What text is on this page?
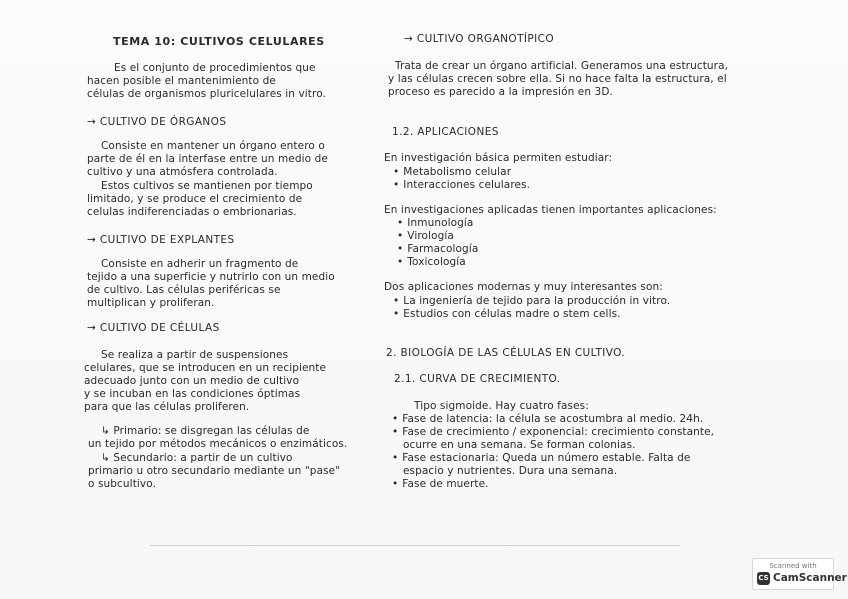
TEMA 10: CULTIVOS CELULARES
Es el conjunto de procedimientos que
hacen posible el mantenimiento de
células de organismos pluricelulares in vitro.
→ CULTIVO DE ÓRGANOS
Consiste en mantener un órgano entero o
parte de él en la interfase entre un medio de
cultivo y una atmósfera controlada.
Estos cultivos se mantienen por tiempo
limitado, y se produce el crecimiento de
celulas indiferenciadas o embrionarias.
→ CULTIVO DE EXPLANTES
Consiste en adherir un fragmento de
tejido a una superficie y nutrirlo con un medio
de cultivo. Las células periféricas se
multiplican y proliferan.
→ CULTIVO DE CÉLULAS
Se realiza a partir de suspensiones
celulares, que se introducen en un recipiente
adecuado junto con un medio de cultivo
y se incuban en las condiciones óptimas
para que las células proliferen.
↳ Primario: se disgregan las células de
un tejido por métodos mecánicos o enzimáticos.
↳ Secundario: a partir de un cultivo
primario u otro secundario mediante un "pase"
o subcultivo.
→ CULTIVO ORGANOTÍPICO
Trata de crear un órgano artificial. Generamos una estructura,
y las células crecen sobre ella. Si no hace falta la estructura, el
proceso es parecido a la impresión en 3D.
1.2. APLICACIONES
En investigación básica permiten estudiar:
• Metabolismo celular
• Interacciones celulares.
En investigaciones aplicadas tienen importantes aplicaciones:
• Inmunología
• Virología
• Farmacología
• Toxicología
Dos aplicaciones modernas y muy interesantes son:
• La ingeniería de tejido para la producción in vitro.
• Estudios con células madre o stem cells.
2. BIOLOGÍA DE LAS CÉLULAS EN CULTIVO.
2.1. CURVA DE CRECIMIENTO.
Tipo sigmoide. Hay cuatro fases:
• Fase de latencia: la célula se acostumbra al medio. 24h.
• Fase de crecimiento / exponencial: crecimiento constante,
ocurre en una semana. Se forman colonias.
• Fase estacionaria: Queda un número estable. Falta de
espacio y nutrientes. Dura una semana.
• Fase de muerte.
Scanned with
CS CamScanner
